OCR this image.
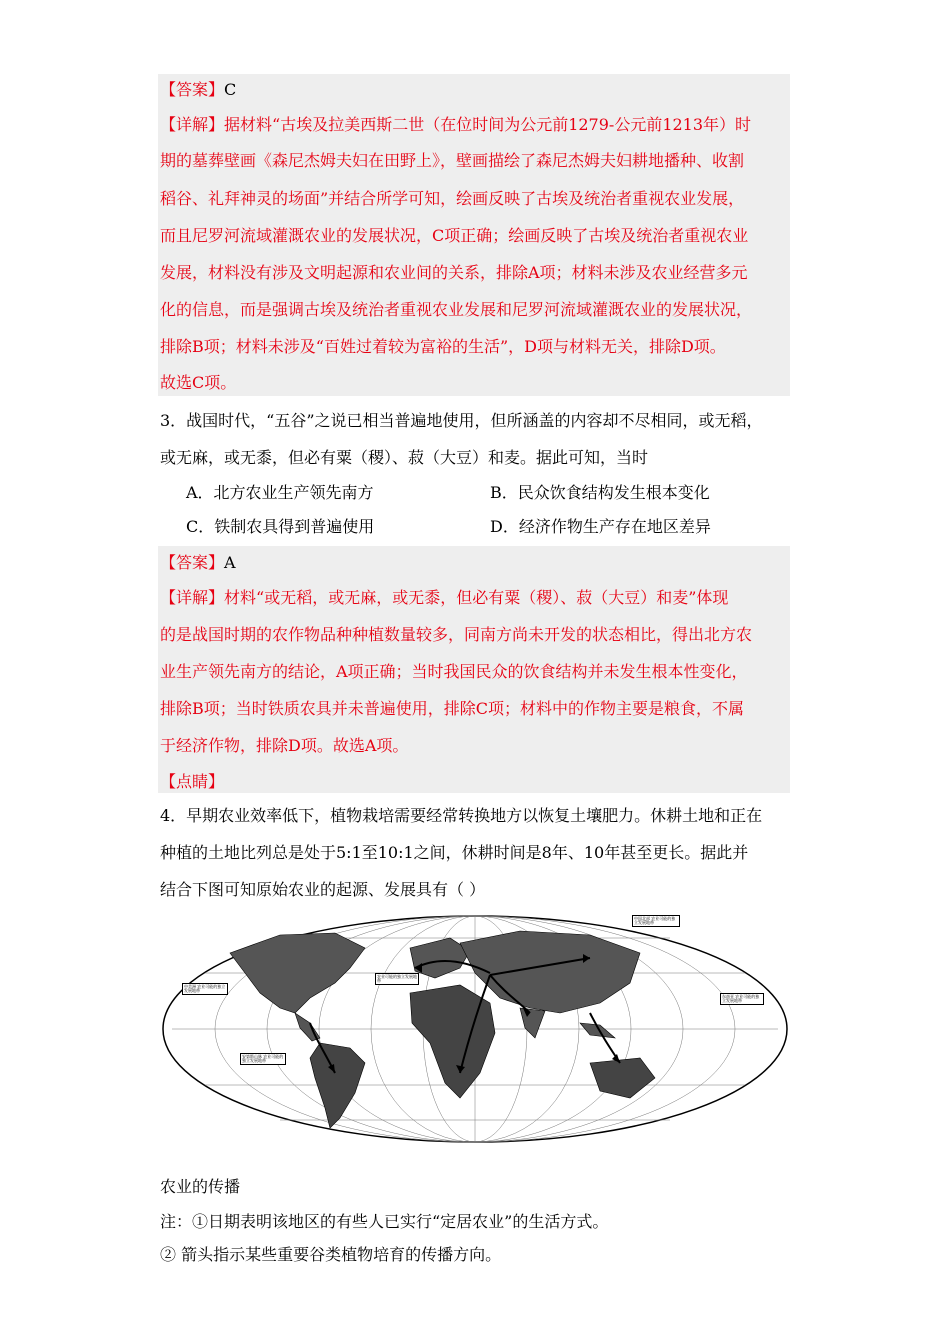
【答案】C
【详解】据材料“古埃及拉美西斯二世（在位时间为公元前1279-公元前1213年）时
期的墓葬壁画《森尼杰姆夫妇在田野上》，壁画描绘了森尼杰姆夫妇耕地播种、收割
稻谷、礼拜神灵的场面”并结合所学可知，绘画反映了古埃及统治者重视农业发展，
而且尼罗河流域灌溉农业的发展状况，C项正确；绘画反映了古埃及统治者重视农业
发展，材料没有涉及文明起源和农业间的关系，排除A项；材料未涉及农业经营多元
化的信息，而是强调古埃及统治者重视农业发展和尼罗河流域灌溉农业的发展状况，
排除B项；材料未涉及“百姓过着较为富裕的生活”，D项与材料无关，排除D项。
故选C项。
3．战国时代，“五谷”之说已相当普遍地使用，但所涵盖的内容却不尽相同，或无稻，
或无麻，或无黍，但必有粟（稷）、菽（大豆）和麦。据此可知，当时
A．北方农业生产领先南方	B．民众饮食结构发生根本变化
C．铁制农具得到普遍使用	D．经济作物生产存在地区差异
【答案】A
【详解】材料“或无稻，或无麻，或无黍，但必有粟（稷）、菽（大豆）和麦”体现
的是战国时期的农作物品种种植数量较多，同南方尚未开发的状态相比，得出北方农
业生产领先南方的结论，A项正确；当时我国民众的饮食结构并未发生根本性变化，
排除B项；当时铁质农具并未普遍使用，排除C项；材料中的作物主要是粮食，不属
于经济作物，排除D项。故选A项。
【点睛】
4．早期农业效率低下，植物栽培需要经常转换地方以恢复土壤肥力。休耕土地和正在
种植的土地比列总是处于5:1至10:1之间，休耕时间是8年、10年甚至更长。据此并
结合下图可知原始农业的起源、发展具有（ ）
中美洲 农业可能的独立发展地带
安第斯山脉 农业可能的独立发展地带
中国北部 农业可能的独立发展地带
东南亚 农业可能的独立发展地带
农业可能的独立发展地带
农业的传播
注：①日期表明该地区的有些人已实行“定居农业”的生活方式。
② 箭头指示某些重要谷类植物培育的传播方向。
